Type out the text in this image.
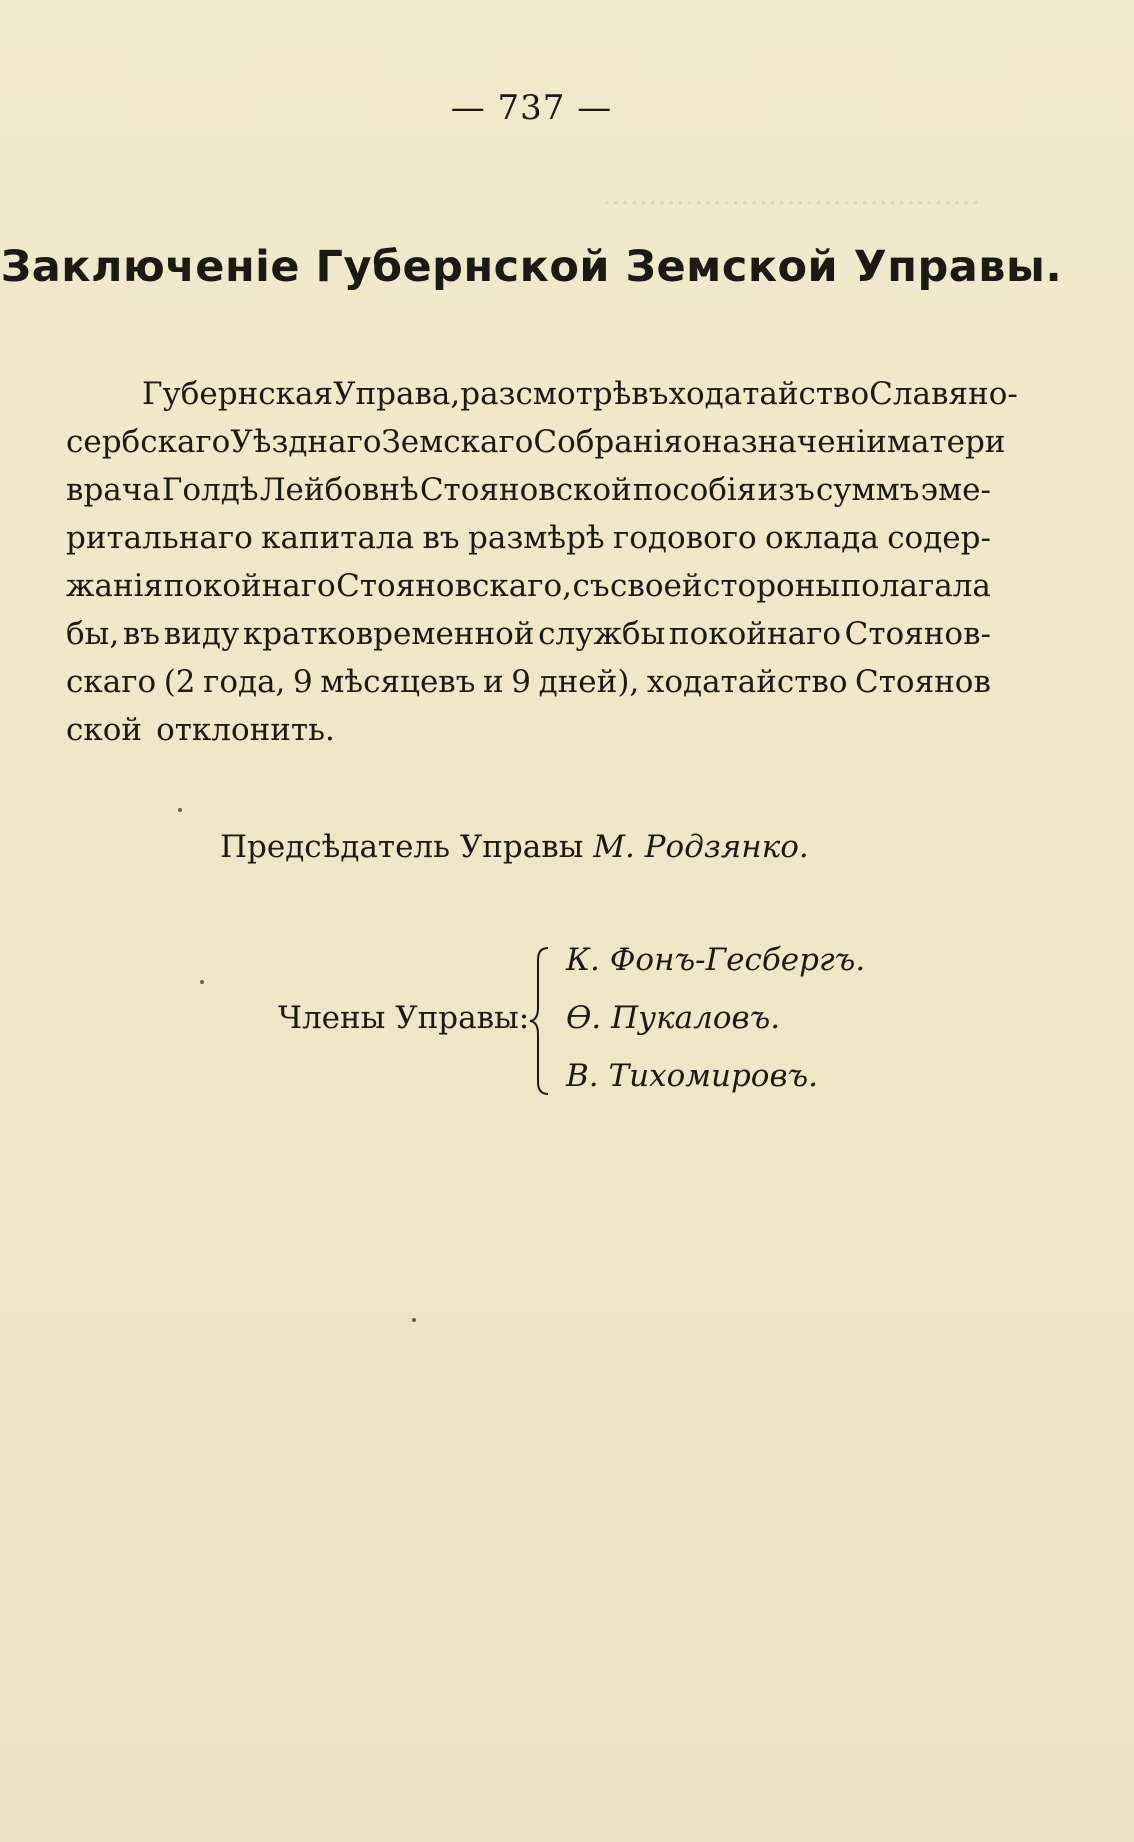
.........................................
— 737 —
Заключеніе Губернской Земской Управы.
Губернская Управа, разсмотрѣвъ ходатайство Славяно-
сербскаго Уѣзднаго Земскаго Собранія о назначеніи матери
врача Голдѣ Лейбовнѣ Стояновской пособія изъ суммъ эме-
ритальнаго капитала въ размѣрѣ годового оклада содер-
жанія покойнаго Стояновскаго, съ своей стороны полагала
бы, въ виду кратковременной службы покойнаго Стоянов-
скаго (2 года, 9 мѣсяцевъ и 9 дней), ходатайство Стоянов
ской отклонить.
Предсѣдатель Управы М. Родзянко.
Члены Управы:
К. Фонъ-Гесбергъ.
Ѳ. Пукаловъ.
В. Тихомировъ.
